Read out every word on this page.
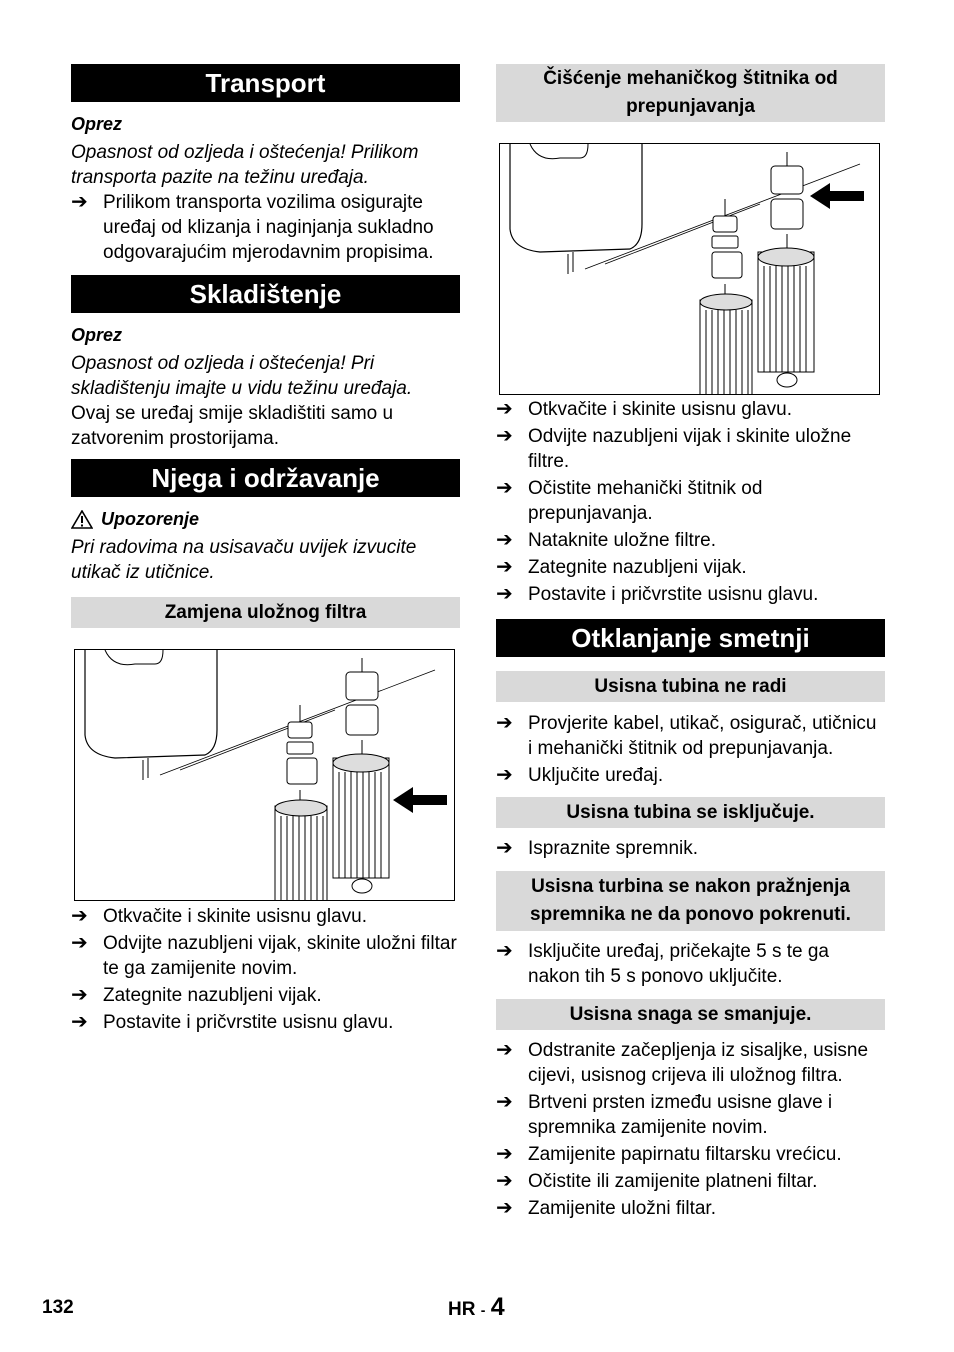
Transport
Oprez

Opasnost od ozljeda i oštećenja! Prilikom transporta pazite na težinu uređaja.

➔ Prilikom transporta vozilima osigurajte uređaj od klizanja i naginjanja sukladno odgovarajućim mjerodavnim propisima.
Skladištenje
Oprez

Opasnost od ozljeda i oštećenja! Pri skladištenju imajte u vidu težinu uređaja.

Ovaj se uređaj smije skladištiti samo u zatvorenim prostorijama.

Njega i održavanje
Upozorenje

Pri radovima na usisavaču uvijek izvucite utikač iz utičnice.

Zamjena uložnog filtra
➔ Otkvačite i skinite usisnu glavu.
➔ Odvijte nazubljeni vijak, skinite uložni filtar te ga zamijenite novim.
➔ Zategnite nazubljeni vijak.
➔ Postavite i pričvrstite usisnu glavu.
Čišćenje mehaničkog štitnika od prepunjavanja
➔ Otkvačite i skinite usisnu glavu.
➔ Odvijte nazubljeni vijak i skinite uložne filtre.
➔ Očistite mehanički štitnik od prepunjavanja.
➔ Nataknite uložne filtre.
➔ Zategnite nazubljeni vijak.
➔ Postavite i pričvrstite usisnu glavu.
Otklanjanje smetnji
Usisna tubina ne radi
➔ Provjerite kabel, utikač, osigurač, utičnicu i mehanički štitnik od prepunjavanja.
➔ Uključite uređaj.
Usisna tubina se isključuje.
➔ Ispraznite spremnik.
Usisna turbina se nakon pražnjenja spremnika ne da ponovo pokrenuti.
➔ Isključite uređaj, pričekajte 5 s te ga nakon tih 5 s ponovo uključite.
Usisna snaga se smanjuje.
➔ Odstranite začepljenja iz sisaljke, usisne cijevi, usisnog crijeva ili uložnog filtra.
➔ Brtveni prsten između usisne glave i spremnika zamijenite novim.
➔ Zamijenite papirnatu filtarsku vrećicu.
➔ Očistite ili zamijenite platneni filtar.
➔ Zamijenite uložni filtar.
132	HR - 4
